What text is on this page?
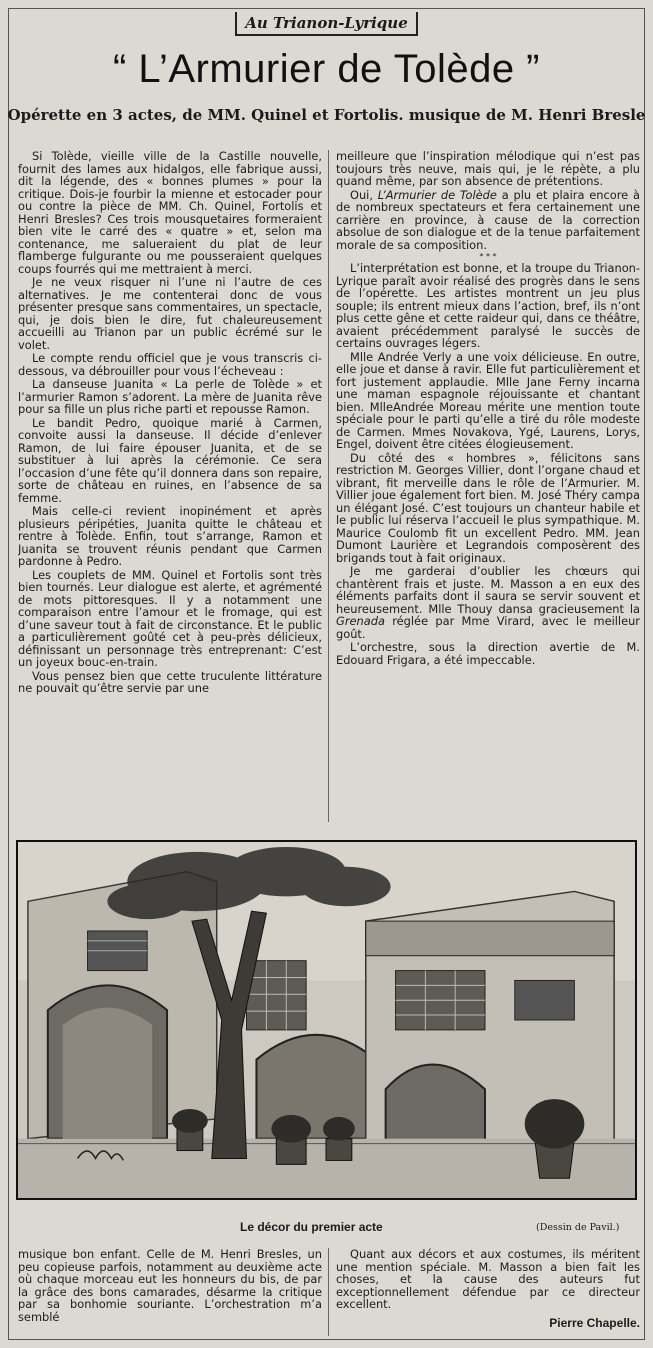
Au Trianon-Lyrique
“ L’Armurier de Tolède ”
Opérette en 3 actes, de MM. Quinel et Fortolis. musique de M. Henri Bresle

Si Tolède, vieille ville de la Castille nouvelle, fournit des lames aux hidalgos, elle fabrique aussi, dit la légende, des « bonnes plumes » pour la critique. Dois-je fourbir la mienne et estocader pour ou contre la pièce de MM. Ch. Quinel, Fortolis et Henri Bresles? Ces trois mousquetaires formeraient bien vite le carré des « quatre » et, selon ma contenance, me salueraient du plat de leur flamberge fulgurante ou me pousseraient quelques coups fourrés qui me mettraient à merci.

Je ne veux risquer ni l’une ni l’autre de ces alternatives. Je me contenterai donc de vous présenter presque sans commentaires, un spectacle, qui, je dois bien le dire, fut chaleureusement accueilli au Trianon par un public écrémé sur le volet.

Le compte rendu officiel que je vous transcris ci-dessous, va débrouiller pour vous l’écheveau :

La danseuse Juanita « La perle de Tolède » et l’armurier Ramon s’adorent. La mère de Juanita rêve pour sa fille un plus riche parti et repousse Ramon.

Le bandit Pedro, quoique marié à Carmen, convoite aussi la danseuse. Il décide d’enlever Ramon, de lui faire épouser Juanita, et de se substituer à lui après la cérémonie. Ce sera l’occasion d’une fête qu’il donnera dans son repaire, sorte de château en ruines, en l’absence de sa femme.

Mais celle-ci revient inopinément et après plusieurs péripéties, Juanita quitte le château et rentre à Tolède. Enfin, tout s’arrange, Ramon et Juanita se trouvent réunis pendant que Carmen pardonne à Pedro.

Les couplets de MM. Quinel et Fortolis sont très bien tournés. Leur dialogue est alerte, et agrémenté de mots pittoresques. Il y a notamment une comparaison entre l’amour et le fromage, qui est d’une saveur tout à fait de circonstance. Et le public a particulièrement goûté cet à peu-près délicieux, définissant un personnage très entreprenant: C’est un joyeux bouc-en-train.

Vous pensez bien que cette truculente littérature ne pouvait qu’être servie par une

meilleure que l’inspiration mélodique qui n’est pas toujours très neuve, mais qui, je le répète, a plu quand même, par son absence de prétentions.

Oui, L’Armurier de Tolède a plu et plaira encore à de nombreux spectateurs et fera certainement une carrière en province, à cause de la correction absolue de son dialogue et de la tenue parfaitement morale de sa composition.

* * *

L’interprétation est bonne, et la troupe du Trianon-Lyrique paraît avoir réalisé des progrès dans le sens de l’opérette. Les artistes montrent un jeu plus souple; ils entrent mieux dans l’action, bref, ils n’ont plus cette gêne et cette raideur qui, dans ce théâtre, avaient précédemment paralysé le succès de certains ouvrages légers.

Mlle Andrée Verly a une voix délicieuse. En outre, elle joue et danse à ravir. Elle fut particulièrement et fort justement applaudie. Mlle Jane Ferny incarna une maman espagnole réjouissante et chantant bien. MlleAndrée Moreau mérite une mention toute spéciale pour le parti qu’elle a tiré du rôle modeste de Carmen. Mmes Novakova, Ygé, Laurens, Lorys, Engel, doivent être citées élogieusement.

Du côté des « hombres », félicitons sans restriction M. Georges Villier, dont l’organe chaud et vibrant, fit merveille dans le rôle de l’Armurier. M. Villier joue également fort bien. M. José Théry campa un élégant José. C’est toujours un chanteur habile et le public lui réserva l’accueil le plus sympathique. M. Maurice Coulomb fit un excellent Pedro. MM. Jean Dumont Laurière et Legrandois composèrent des brigands tout à fait originaux.

Je me garderai d’oublier les chœurs qui chantèrent frais et juste. M. Masson a en eux des éléments parfaits dont il saura se servir souvent et heureusement. Mlle Thouy dansa gracieusement la Grenada réglée par Mme Virard, avec le meilleur goût.

L’orchestre, sous la direction avertie de M. Edouard Frigara, a été impeccable.

Le décor du premier acte	(Dessin de Pavil.)

musique bon enfant. Celle de M. Henri Bresles, un peu copieuse parfois, notamment au deuxième acte où chaque morceau eut les honneurs du bis, de par la grâce des bons camarades, désarme la critique par sa bonhomie souriante. L’orchestration m’a semblé

Quant aux décors et aux costumes, ils méritent une mention spéciale. M. Masson a bien fait les choses, et la cause des auteurs fut exceptionnellement défendue par ce directeur excellent.

Pierre Chapelle.
